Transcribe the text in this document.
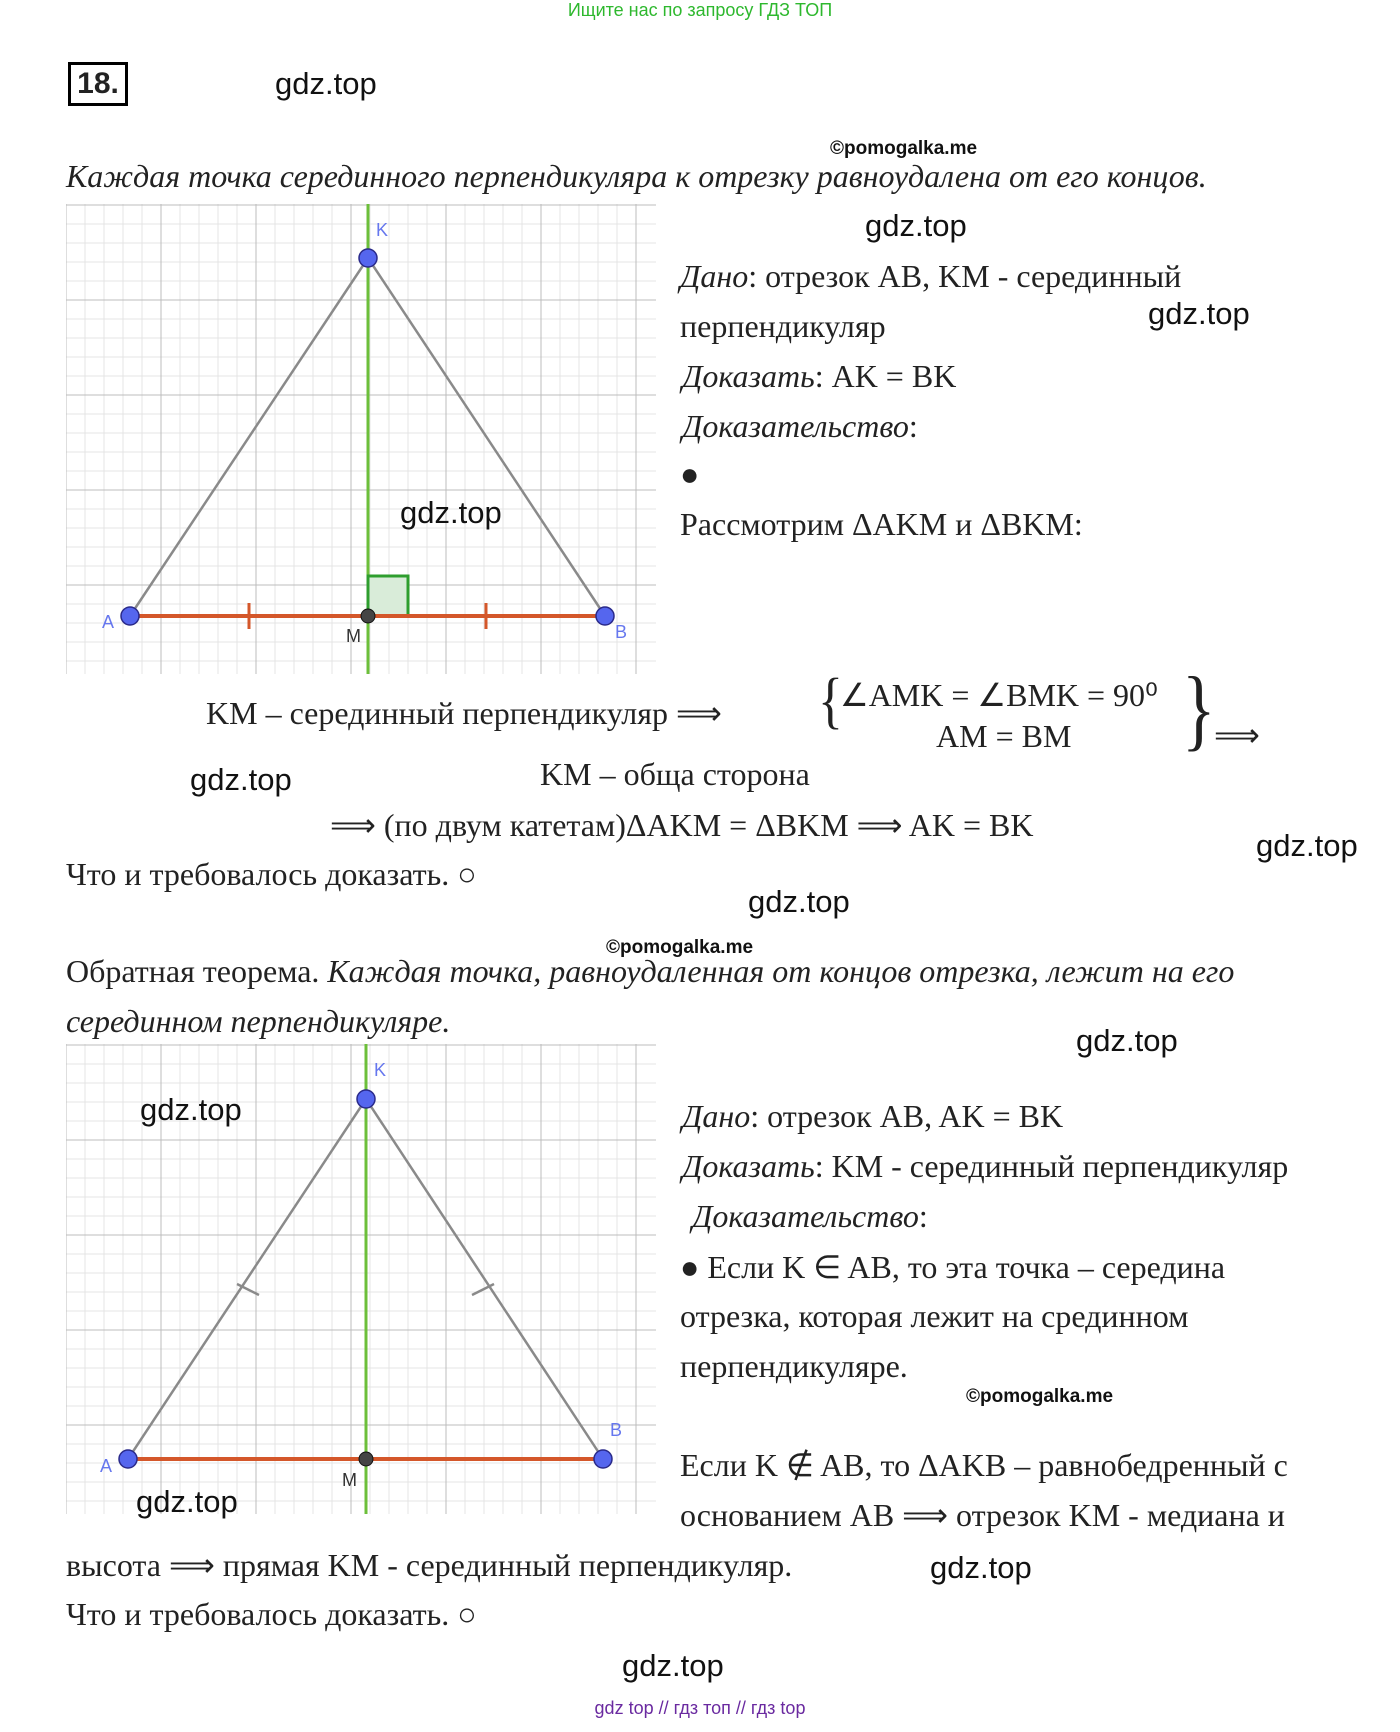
Ищите нас по запросу ГДЗ ТОП
18.	gdz.top
©pomogalka.me
Каждая точка серединного перпендикуляра к отрезку равноудалена от его концов.
K
A	B
M
gdz.top
gdz.top
Дано: отрезок AB, KM - серединный
перпендикуляр	gdz.top
Доказать: AK = BK
Доказательство:
●
Рассмотрим ΔAKM и ΔBKM:
KM – серединный перпендикуляр ⟹ {
∠AMK = ∠BMK = 90⁰
AM = BM
KM – обща сторона
}
⟹
gdz.top
⟹ (по двум катетам)ΔAKM = ΔBKM ⟹ AK = BK
gdz.top
Что и требовалось доказать. ○
gdz.top
©pomogalka.me
Обратная теорема. Каждая точка, равноудаленная от концов отрезка, лежит на его
серединном перпендикуляре.
gdz.top
K
A
B
M
gdz.top
gdz.top
Дано: отрезок AB, AK = BK
Доказать: KM - серединный перпендикуляр
Доказательство:
● Если K ∈ AB, то эта точка – середина
отрезка, которая лежит на срединном
перпендикуляре.
©pomogalka.me
Если K ∉ AB, то ΔAKB – равнобедренный с
основанием AB ⟹ отрезок KM - медиана и
высота ⟹ прямая KM - серединный перпендикуляр.	gdz.top
Что и требовалось доказать. ○
gdz.top
gdz top // гдз топ // гдз top
